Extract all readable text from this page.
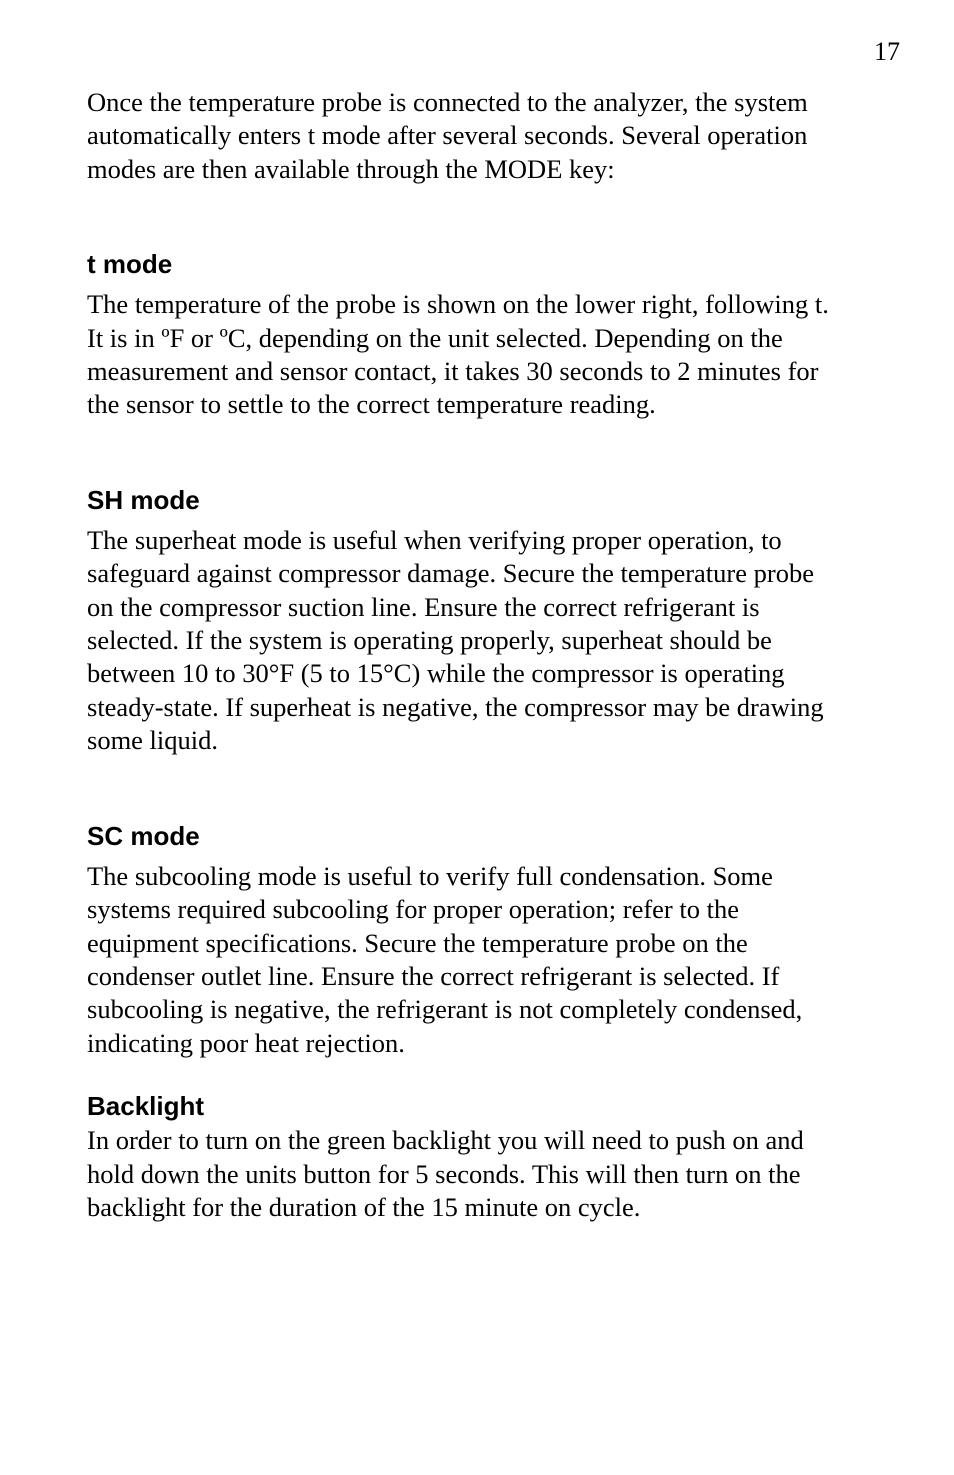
17

Once the temperature probe is connected to the analyzer, the system
automatically enters t mode after several seconds. Several operation
modes are then available through the MODE key:

t mode

The temperature of the probe is shown on the lower right, following t.
It is in ºF or ºC, depending on the unit selected. Depending on the
measurement and sensor contact, it takes 30 seconds to 2 minutes for
the sensor to settle to the correct temperature reading.

SH mode

The superheat mode is useful when verifying proper operation, to
safeguard against compressor damage. Secure the temperature probe
on the compressor suction line. Ensure the correct refrigerant is
selected. If the system is operating properly, superheat should be
between 10 to 30°F (5 to 15°C) while the compressor is operating
steady-state. If superheat is negative, the compressor may be drawing
some liquid.

SC mode

The subcooling mode is useful to verify full condensation. Some
systems required subcooling for proper operation; refer to the
equipment specifications. Secure the temperature probe on the
condenser outlet line. Ensure the correct refrigerant is selected. If
subcooling is negative, the refrigerant is not completely condensed,
indicating poor heat rejection.

Backlight

In order to turn on the green backlight you will need to push on and
hold down the units button for 5 seconds. This will then turn on the
backlight for the duration of the 15 minute on cycle.
